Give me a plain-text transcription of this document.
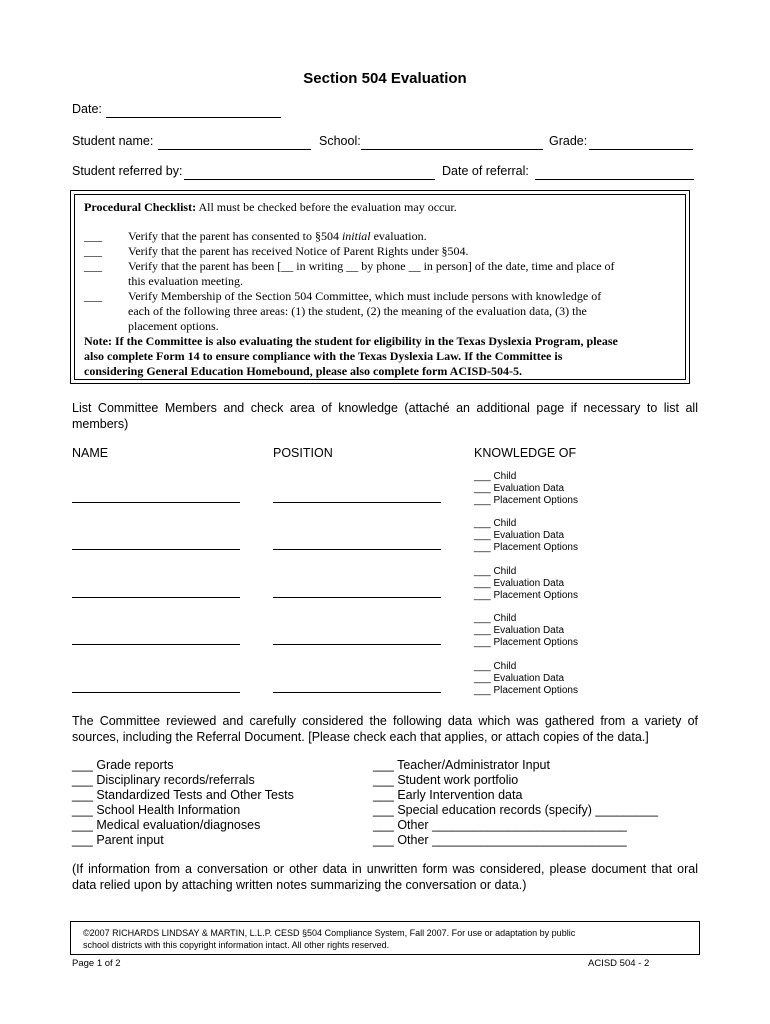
Section 504 Evaluation
Date:
Student name:	School:	Grade:
Student referred by:	Date of referral:
Procedural Checklist: All must be checked before the evaluation may occur.
___ Verify that the parent has consented to §504 initial evaluation.
___ Verify that the parent has received Notice of Parent Rights under §504.
___ Verify that the parent has been [__ in writing __ by phone __ in person] of the date, time and place of
this evaluation meeting.
___ Verify Membership of the Section 504 Committee, which must include persons with knowledge of
each of the following three areas: (1) the student, (2) the meaning of the evaluation data, (3) the
placement options.
Note: If the Committee is also evaluating the student for eligibility in the Texas Dyslexia Program, please
also complete Form 14 to ensure compliance with the Texas Dyslexia Law. If the Committee is
considering General Education Homebound, please also complete form ACISD-504-5.
List Committee Members and check area of knowledge (attaché an additional page if necessary to list all members)
NAME	POSITION	KNOWLEDGE OF
___ Child
___ Evaluation Data
___ Placement Options
___ Child
___ Evaluation Data
___ Placement Options
___ Child
___ Evaluation Data
___ Placement Options
___ Child
___ Evaluation Data
___ Placement Options
___ Child
___ Evaluation Data
___ Placement Options
The Committee reviewed and carefully considered the following data which was gathered from a variety of sources, including the Referral Document. [Please check each that applies, or attach copies of the data.]
___ Grade reports
___ Disciplinary records/referrals
___ Standardized Tests and Other Tests
___ School Health Information
___ Medical evaluation/diagnoses
___ Parent input
___ Teacher/Administrator Input
___ Student work portfolio
___ Early Intervention data
___ Special education records (specify) _________
___ Other ____________________________
___ Other ____________________________
(If information from a conversation or other data in unwritten form was considered, please document that oral data relied upon by attaching written notes summarizing the conversation or data.)
©2007 RICHARDS LINDSAY & MARTIN, L.L.P. CESD §504 Compliance System, Fall 2007. For use or adaptation by public
school districts with this copyright information intact. All other rights reserved.
Page 1 of 2	ACISD 504 - 2
